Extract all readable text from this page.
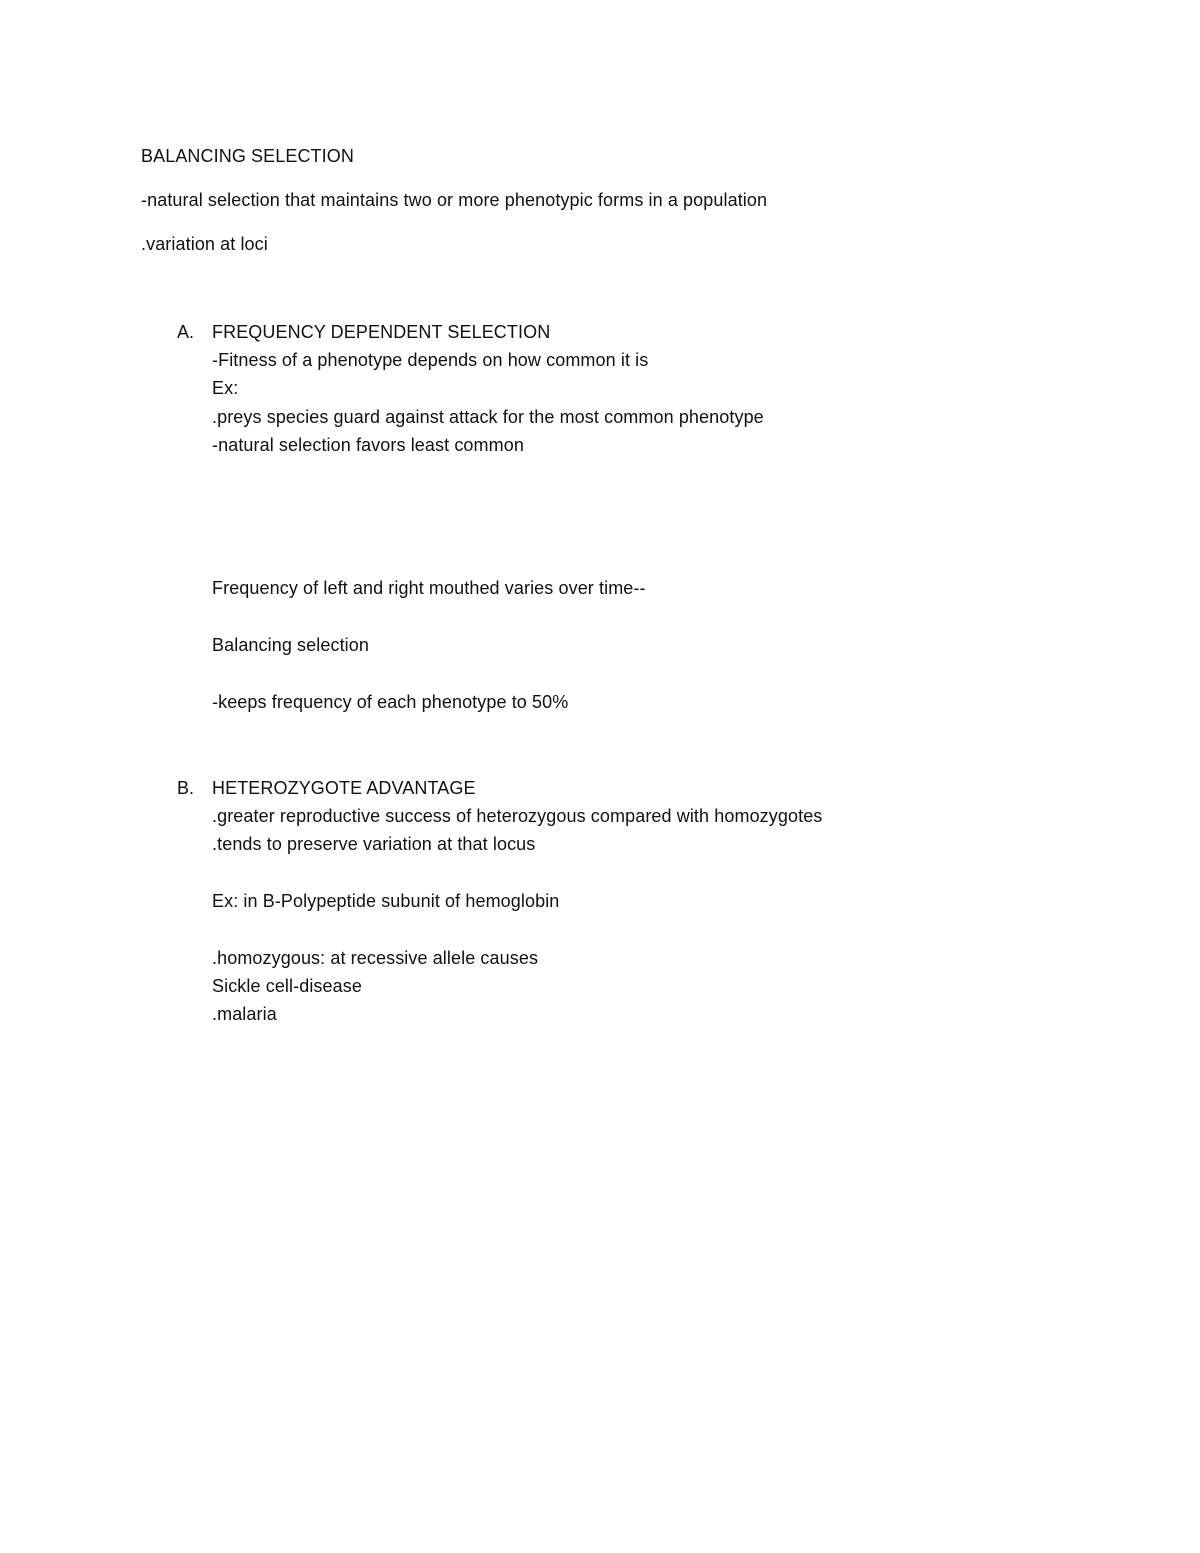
BALANCING SELECTION
-natural selection that maintains two or more phenotypic forms in a population
.variation at loci
A. FREQUENCY DEPENDENT SELECTION
-Fitness of a phenotype depends on how common it is
Ex:
.preys species guard against attack for the most common phenotype
-natural selection favors least common
Frequency of left and right mouthed varies over time--
Balancing selection
-keeps frequency of each phenotype to 50%
B. HETEROZYGOTE ADVANTAGE
.greater reproductive success of heterozygous compared with homozygotes
.tends to preserve variation at that locus
Ex: in B-Polypeptide subunit of hemoglobin
.homozygous: at recessive allele causes
Sickle cell-disease
.malaria
